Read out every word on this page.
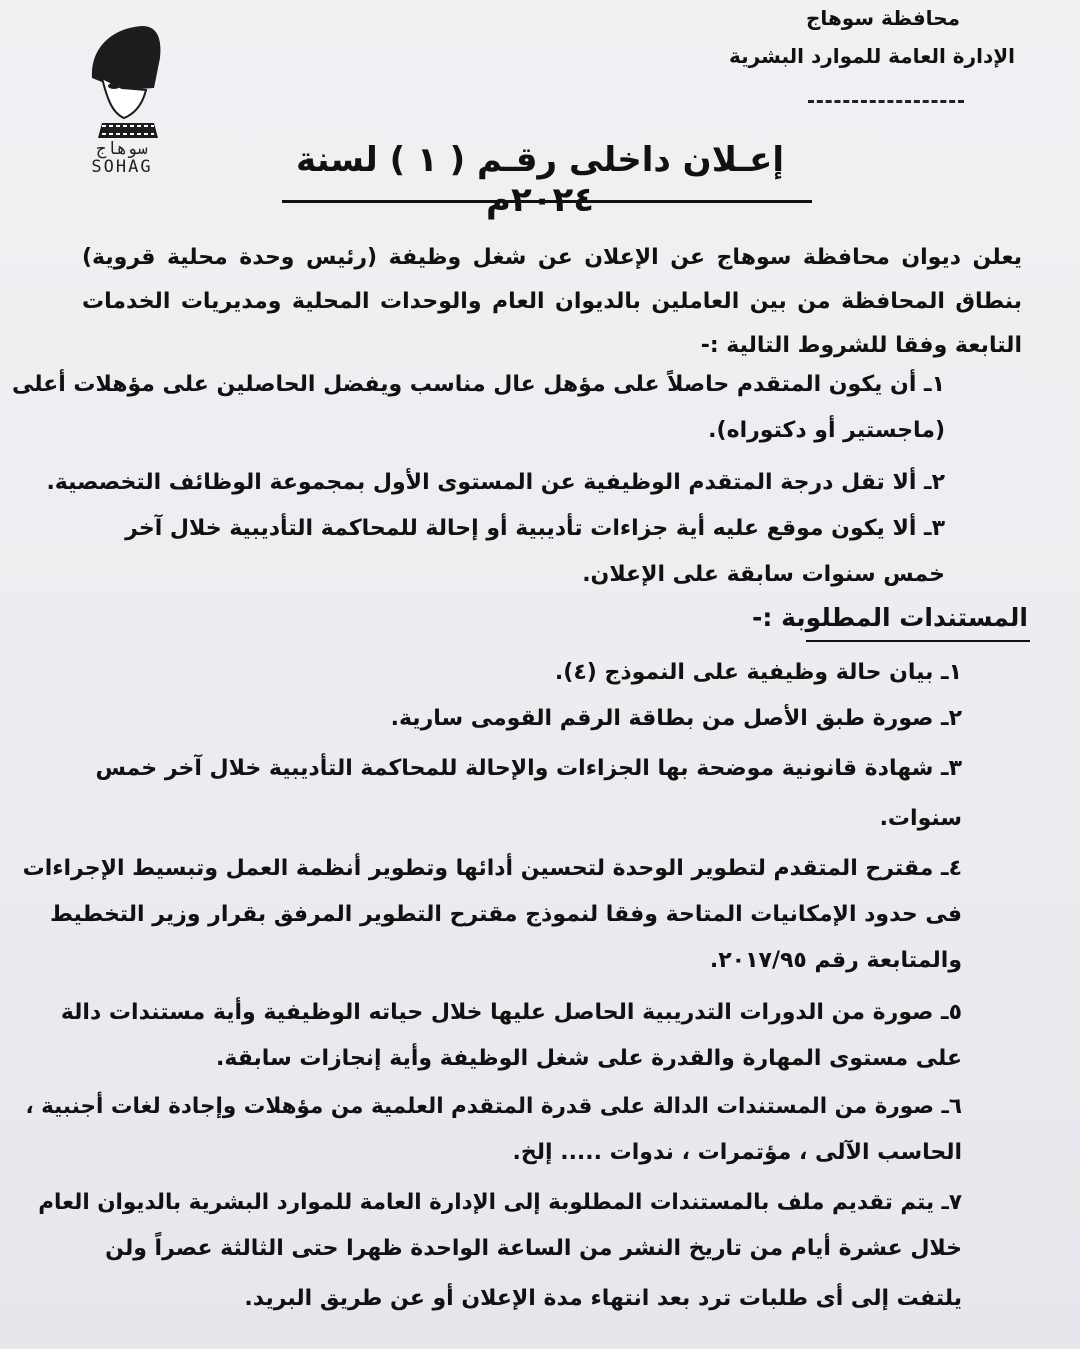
سوهاج
SOHAG
محافظة سوهاج
الإدارة العامة للموارد البشرية
إعـلان داخلى رقـم ( ١ ) لسنة ٢٠٢٤م
يعلن ديوان محافظة سوهاج عن الإعلان عن شغل وظيفة (رئيس وحدة محلية قروية) بنطاق المحافظة من بين العاملين بالديوان العام والوحدات المحلية ومديريات الخدمات التابعة وفقا للشروط التالية :-
١ـ أن يكون المتقدم حاصلاً على مؤهل عال مناسب ويفضل الحاصلين على مؤهلات أعلى
(ماجستير أو دكتوراه).
٢ـ ألا تقل درجة المتقدم الوظيفية عن المستوى الأول بمجموعة الوظائف التخصصية.
٣ـ ألا يكون موقع عليه أية جزاءات تأديبية أو إحالة للمحاكمة التأديبية خلال آخر
خمس سنوات سابقة على الإعلان.
المستندات المطلوبة :-
١ـ بيان حالة وظيفية على النموذج (٤).
٢ـ صورة طبق الأصل من بطاقة الرقم القومى سارية.
٣ـ شهادة قانونية موضحة بها الجزاءات والإحالة للمحاكمة التأديبية خلال آخر خمس
سنوات.
٤ـ مقترح المتقدم لتطوير الوحدة لتحسين أدائها وتطوير أنظمة العمل وتبسيط الإجراءات
فى حدود الإمكانيات المتاحة وفقا لنموذج مقترح التطوير المرفق بقرار وزير التخطيط
والمتابعة رقم ٢٠١٧/٩٥.
٥ـ صورة من الدورات التدريبية الحاصل عليها خلال حياته الوظيفية وأية مستندات دالة
على مستوى المهارة والقدرة على شغل الوظيفة وأية إنجازات سابقة.
٦ـ صورة من المستندات الدالة على قدرة المتقدم العلمية من مؤهلات وإجادة لغات أجنبية ،
الحاسب الآلى ، مؤتمرات ، ندوات ..... إلخ.
٧ـ يتم تقديم ملف بالمستندات المطلوبة إلى الإدارة العامة للموارد البشرية بالديوان العام
خلال عشرة أيام من تاريخ النشر من الساعة الواحدة ظهرا حتى الثالثة عصراً ولن
يلتفت إلى أى طلبات ترد بعد انتهاء مدة الإعلان أو عن طريق البريد.
